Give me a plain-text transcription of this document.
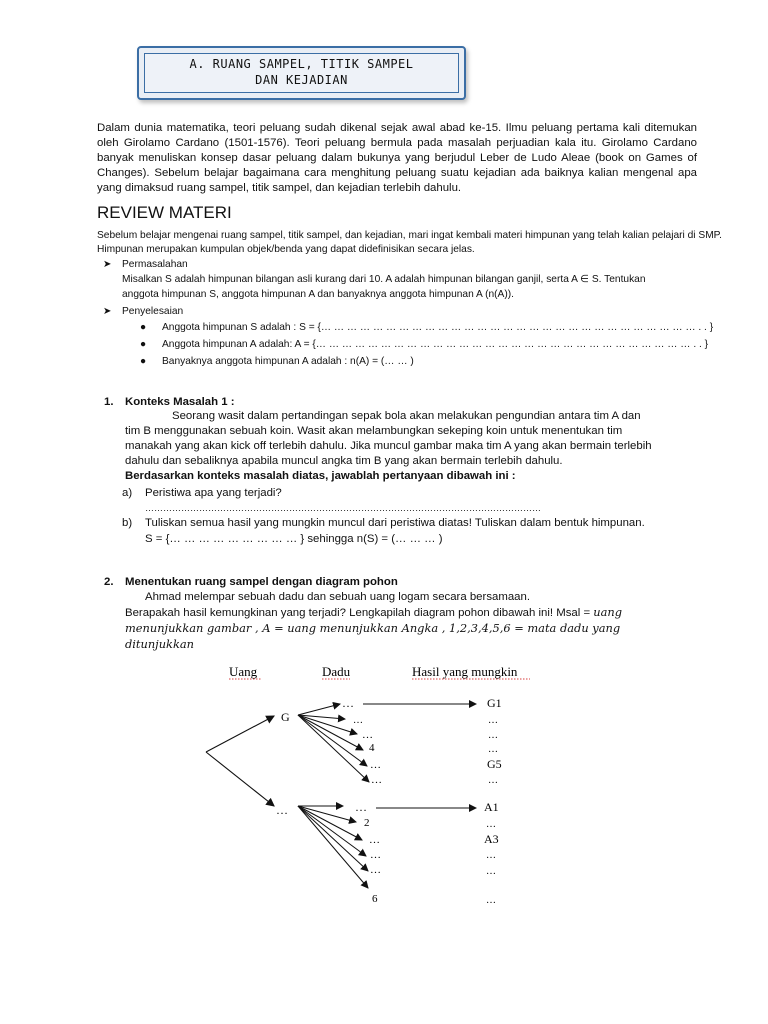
A. RUANG SAMPEL, TITIK SAMPEL
DAN KEJADIAN
Dalam dunia matematika, teori peluang sudah dikenal sejak awal abad ke-15. Ilmu peluang pertama kali ditemukan oleh Girolamo Cardano (1501-1576). Teori peluang bermula pada masalah perjuadian kala itu. Girolamo Cardano banyak menuliskan konsep dasar peluang dalam bukunya yang berjudul Leber de Ludo Aleae (book on Games of Changes). Sebelum belajar bagaimana cara menghitung peluang suatu kejadian ada baiknya kalian mengenal apa yang dimaksud ruang sampel, titik sampel, dan kejadian terlebih dahulu.
REVIEW MATERI
Sebelum belajar mengenai ruang sampel, titik sampel, dan kejadian, mari ingat kembali materi himpunan yang telah kalian pelajari di SMP. Himpunan merupakan kumpulan objek/benda yang dapat didefinisikan secara jelas.
➤ Permasalahan
Misalkan S adalah himpunan bilangan asli kurang dari 10. A adalah himpunan bilangan ganjil, serta A ∈ S. Tentukan
anggota himpunan S, anggota himpunan A dan banyaknya anggota himpunan A (n(A)).
➤ Penyelesaian
● Anggota himpunan S adalah : S = {… … … … … … … … … … … … … … … … … … … … … … … … … … … … … . . }
● Anggota himpunan A adalah: A = {… … … … … … … … … … … … … … … … … … … … … … … … … … … … … . . }
● Banyaknya anggota himpunan A adalah : n(A) = (… … )
1. Konteks Masalah 1 :
Seorang wasit dalam pertandingan sepak bola akan melakukan pengundian antara tim A dan
tim B menggunakan sebuah koin. Wasit akan melambungkan sekeping koin untuk menentukan tim
manakah yang akan kick off terlebih dahulu. Jika muncul gambar maka tim A yang akan bermain terlebih
dahulu dan sebaliknya apabila muncul angka tim B yang akan bermain terlebih dahulu.
Berdasarkan konteks masalah diatas, jawablah pertanyaan dibawah ini :
a) Peristiwa apa yang terjadi?
……………………………………………………………………………………………………………………
b) Tuliskan semua hasil yang mungkin muncul dari peristiwa diatas! Tuliskan dalam bentuk himpunan.
S = {… … … … … … … … … } sehingga n(S) = (… … … )
2. Menentukan ruang sampel dengan diagram pohon
Ahmad melempar sebuah dadu dan sebuah uang logam secara bersamaan.
Berapakah hasil kemungkinan yang terjadi? Lengkapilah diagram pohon dibawah ini! Msal = uang
menunjukkan gambar , A = uang menunjukkan Angka , 1,2,3,4,5,6 = mata dadu yang
ditunjukkan
Uang	Dadu	Hasil yang mungkin
G
…
…
…
…
4
…
…
…
2
…
…
…
6
G1
…
…
…
G5
…
A1
…
A3
…
…
…
